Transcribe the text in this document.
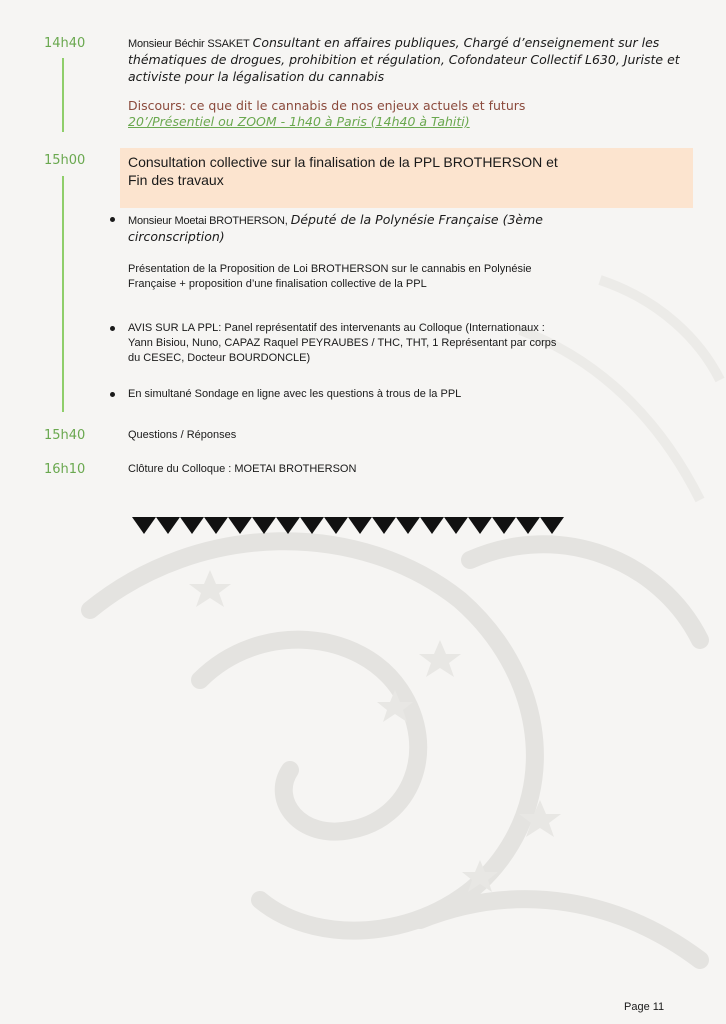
14h40	Monsieur Béchir SSAKET Consultant en affaires publiques, Chargé d’enseignement sur les thématiques de drogues, prohibition et régulation, Cofondateur Collectif L630, Juriste et activiste pour la légalisation du cannabis
Discours: ce que dit le cannabis de nos enjeux actuels et futurs
20’/Présentiel ou ZOOM - 1h40 à Paris (14h40 à Tahiti)
15h00	Consultation collective sur la finalisation de la PPL BROTHERSON et
Fin des travaux
Monsieur Moetai BROTHERSON, Député de la Polynésie Française (3ème
circonscription)
Présentation de la Proposition de Loi BROTHERSON sur le cannabis en Polynésie
Française + proposition d’une finalisation collective de la PPL
AVIS SUR LA PPL: Panel représentatif des intervenants au Colloque (Internationaux :
Yann Bisiou, Nuno, CAPAZ Raquel PEYRAUBES / THC, THT, 1 Représentant par corps
du CESEC, Docteur BOURDONCLE)
En simultané Sondage en ligne avec les questions à trous de la PPL
15h40	Questions / Réponses
16h10	Clôture du Colloque : MOETAI BROTHERSON
Page 11
